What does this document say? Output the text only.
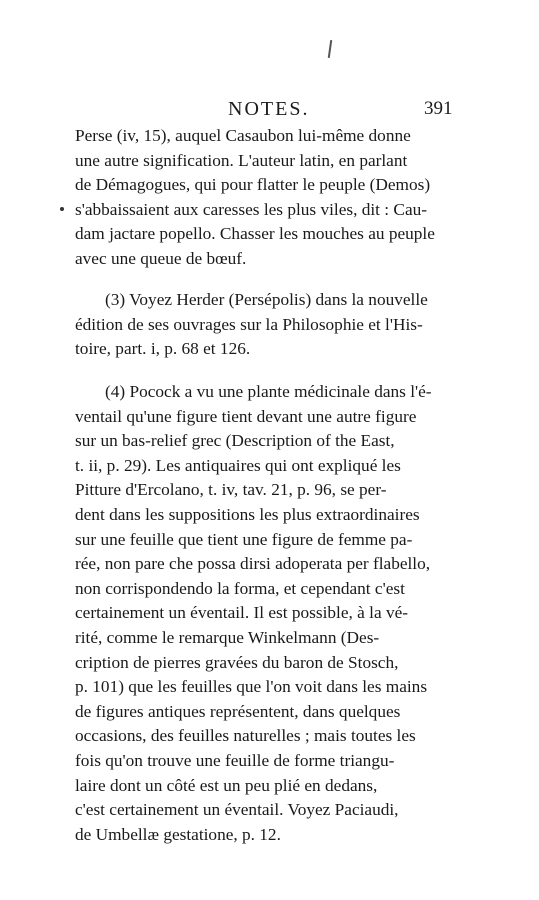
NOTES.	391
Perse (iv, 15), auquel Casaubon lui-même donne
une autre signification. L'auteur latin, en parlant
de Démagogues, qui pour flatter le peuple (Demos)
s'abbaissaient aux caresses les plus viles, dit : Cau-
dam jactare popello. Chasser les mouches au peuple
avec une queue de bœuf.
(3) Voyez Herder (Persépolis) dans la nouvelle
édition de ses ouvrages sur la Philosophie et l'His-
toire, part. i, p. 68 et 126.
(4) Pocock a vu une plante médicinale dans l'é-
ventail qu'une figure tient devant une autre figure
sur un bas-relief grec (Description of the East,
t. ii, p. 29). Les antiquaires qui ont expliqué les
Pitture d'Ercolano, t. iv, tav. 21, p. 96, se per-
dent dans les suppositions les plus extraordinaires
sur une feuille que tient une figure de femme pa-
rée, non pare che possa dirsi adoperata per flabello,
non corrispondendo la forma, et cependant c'est
certainement un éventail. Il est possible, à la vé-
rité, comme le remarque Winkelmann (Des-
cription de pierres gravées du baron de Stosch,
p. 101) que les feuilles que l'on voit dans les mains
de figures antiques représentent, dans quelques
occasions, des feuilles naturelles ; mais toutes les
fois qu'on trouve une feuille de forme triangu-
laire dont un côté est un peu plié en dedans,
c'est certainement un éventail. Voyez Paciaudi,
de Umbellæ gestatione, p. 12.
